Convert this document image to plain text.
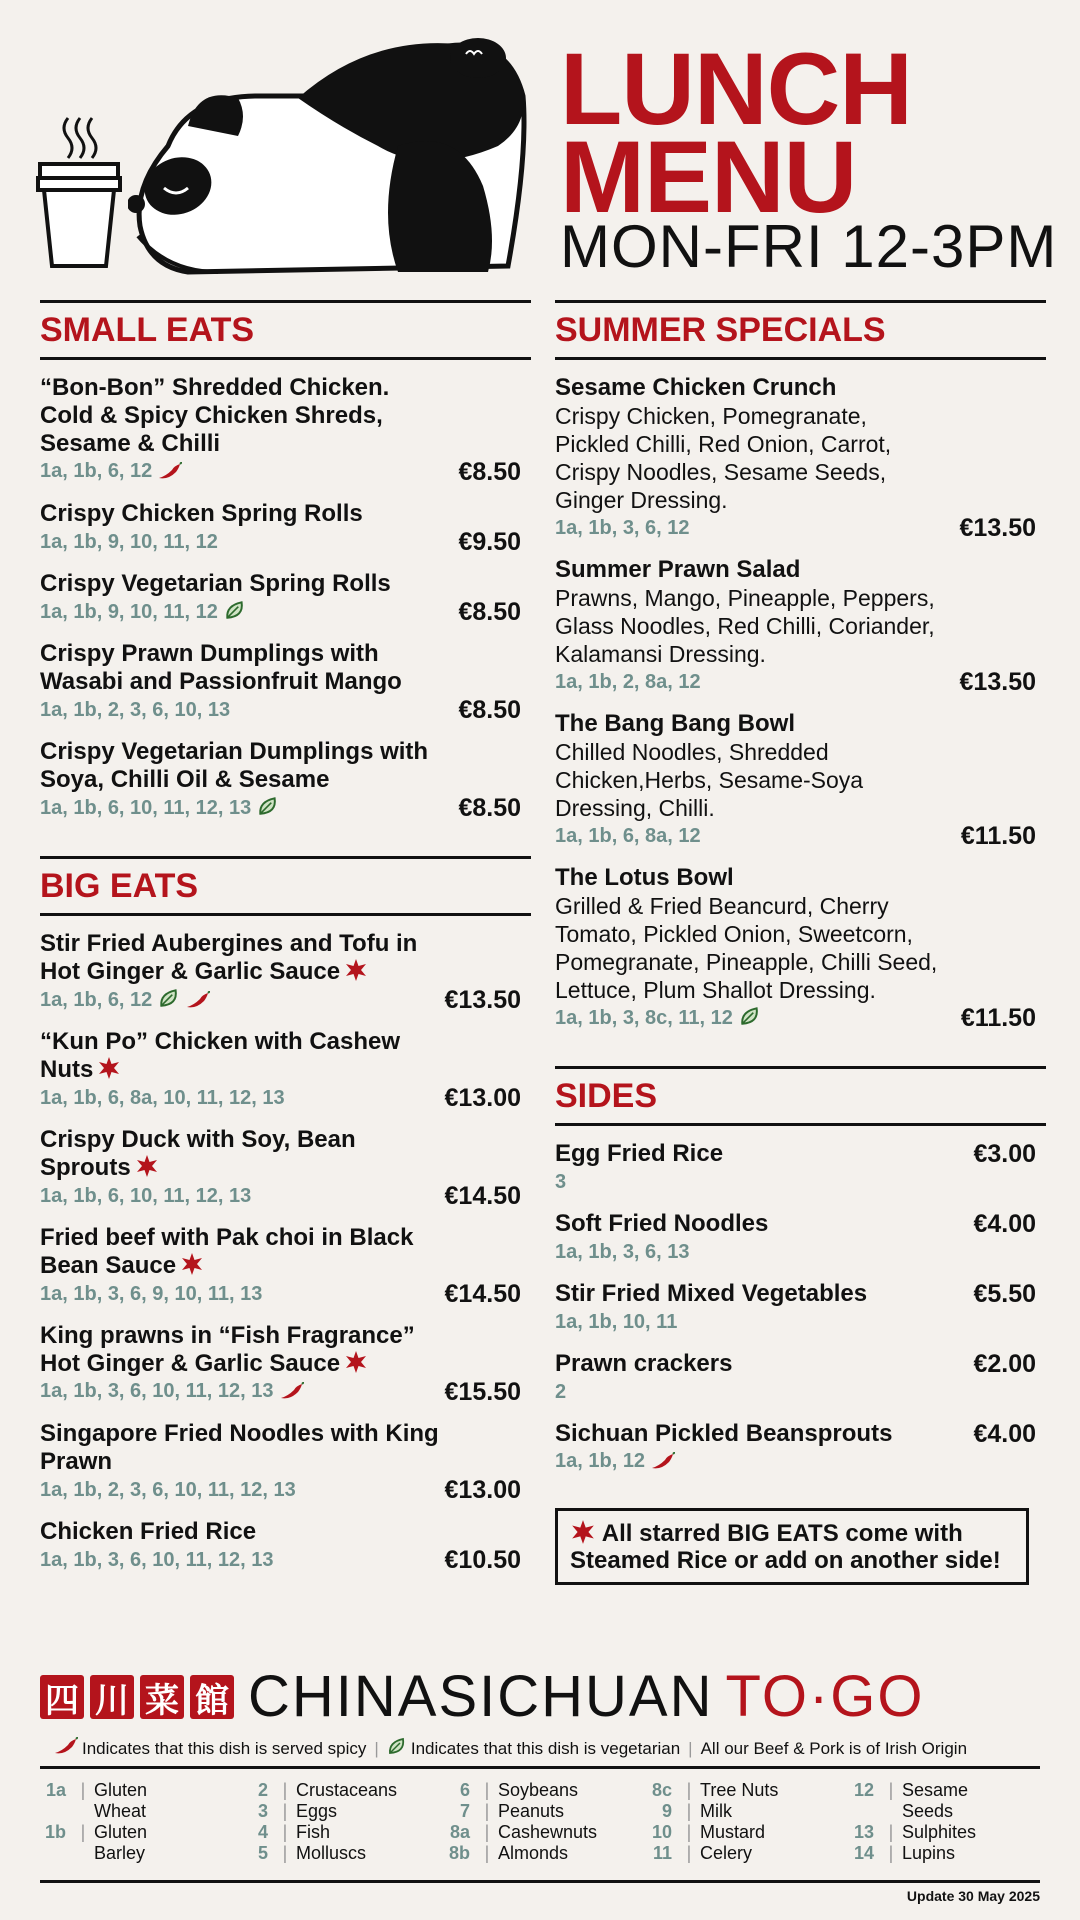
LUNCH
MENU
MON-FRI 12-3PM
SMALL EATS
“Bon-Bon” Shredded Chicken. Cold & Spicy Chicken Shreds, Sesame & Chilli
1a, 1b, 6, 12	€8.50
Crispy Chicken Spring Rolls
1a, 1b, 9, 10, 11, 12	€9.50
Crispy Vegetarian Spring Rolls
1a, 1b, 9, 10, 11, 12	€8.50
Crispy Prawn Dumplings with Wasabi and Passionfruit Mango
1a, 1b, 2, 3, 6, 10, 13	€8.50
Crispy Vegetarian Dumplings with Soya, Chilli Oil & Sesame
1a, 1b, 6, 10, 11, 12, 13	€8.50
BIG EATS
Stir Fried Aubergines and Tofu in Hot Ginger & Garlic Sauce
1a, 1b, 6, 12	€13.50
“Kun Po” Chicken with Cashew Nuts
1a, 1b, 6, 8a, 10, 11, 12, 13	€13.00
Crispy Duck with Soy, Bean Sprouts
1a, 1b, 6, 10, 11, 12, 13	€14.50
Fried beef with Pak choi in Black Bean Sauce
1a, 1b, 3, 6, 9, 10, 11, 13	€14.50
King prawns in “Fish Fragrance” Hot Ginger & Garlic Sauce
1a, 1b, 3, 6, 10, 11, 12, 13	€15.50
Singapore Fried Noodles with King Prawn
1a, 1b, 2, 3, 6, 10, 11, 12, 13	€13.00
Chicken Fried Rice
1a, 1b, 3, 6, 10, 11, 12, 13	€10.50
SUMMER SPECIALS
Sesame Chicken Crunch
Crispy Chicken, Pomegranate, Pickled Chilli, Red Onion, Carrot, Crispy Noodles, Sesame Seeds, Ginger Dressing.
1a, 1b, 3, 6, 12	€13.50
Summer Prawn Salad
Prawns, Mango, Pineapple, Peppers, Glass Noodles, Red Chilli, Coriander, Kalamansi Dressing.
1a, 1b, 2, 8a, 12	€13.50
The Bang Bang Bowl
Chilled Noodles, Shredded Chicken,Herbs, Sesame-Soya Dressing, Chilli.
1a, 1b, 6, 8a, 12	€11.50
The Lotus Bowl
Grilled & Fried Beancurd, Cherry Tomato, Pickled Onion, Sweetcorn, Pomegranate, Pineapple, Chilli Seed, Lettuce, Plum Shallot Dressing.
1a, 1b, 3, 8c, 11, 12	€11.50
SIDES
Egg Fried Rice	€3.00
3
Soft Fried Noodles	€4.00
1a, 1b, 3, 6, 13
Stir Fried Mixed Vegetables	€5.50
1a, 1b, 10, 11
Prawn crackers	€2.00
2
Sichuan Pickled Beansprouts	€4.00
1a, 1b, 12
All starred BIG EATS come with Steamed Rice or add on another side!
四 川 菜 館 CHINASICHUAN TO·GO
Indicates that this dish is served spicy | Indicates that this dish is vegetarian | All our Beef & Pork is of Irish Origin
1a | Gluten
Wheat
1b | Gluten
Barley
2 | Crustaceans
3 | Eggs
4 | Fish
5 | Molluscs
6 | Soybeans
7 | Peanuts
8a | Cashewnuts
8b | Almonds
8c | Tree Nuts
9 | Milk
10 | Mustard
11 | Celery
12 | Sesame
Seeds
13 | Sulphites
14 | Lupins
Update 30 May 2025
